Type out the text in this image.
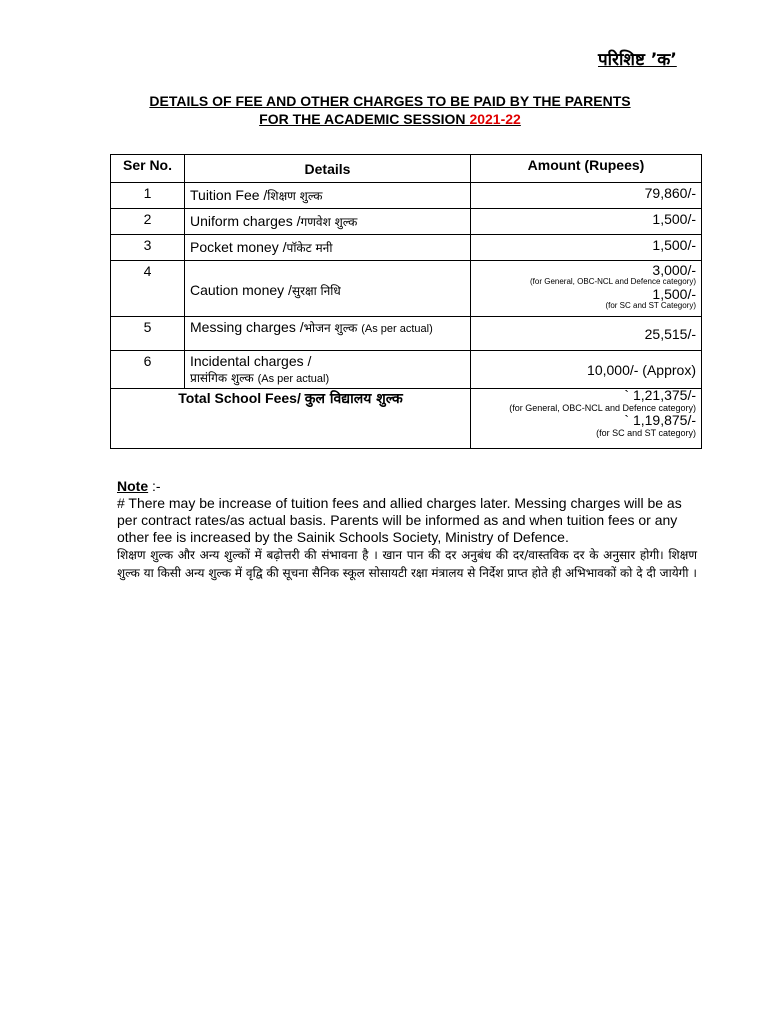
परिशिष्ट ’क’
DETAILS OF FEE AND OTHER CHARGES TO BE PAID BY THE PARENTS
FOR THE ACADEMIC SESSION 2021-22
Ser No.	Details	Amount (Rupees)
1	Tuition Fee /शिक्षण शुल्क	79,860/-
2	Uniform charges /गणवेश शुल्क	1,500/-
3	Pocket money /पॉकेट मनी	1,500/-
4	Caution money /सुरक्षा निधि	3,000/-
(for General, OBC-NCL and Defence category)
1,500/-
(for SC and ST Category)

5	Messing charges /भोजन शुल्क (As per actual)	25,515/-
6	Incidental charges /
प्रासंगिक शुल्क (As per actual)	10,000/- (Approx)
Total School Fees/ कुल विद्यालय शुल्क		` 1,21,375/-
(for General, OBC-NCL and Defence category)
` 1,19,875/-
(for SC and ST category)
Note :-
# There may be increase of tuition fees and allied charges later. Messing charges will be as per contract rates/as actual basis. Parents will be informed as and when tuition fees or any other fee is increased by the Sainik Schools Society, Ministry of Defence.
शिक्षण शुल्क और अन्य शुल्कों में बढ़ोत्तरी की संभावना है । खान पान की दर अनुबंध की दर/वास्तविक दर के अनुसार होगी। शिक्षण शुल्क या किसी अन्य शुल्क में वृद्वि की सूचना सैनिक स्कूल सोसायटी रक्षा मंत्रालय से निर्देश प्राप्त होते ही अभिभावकों को दे दी जायेगी ।
